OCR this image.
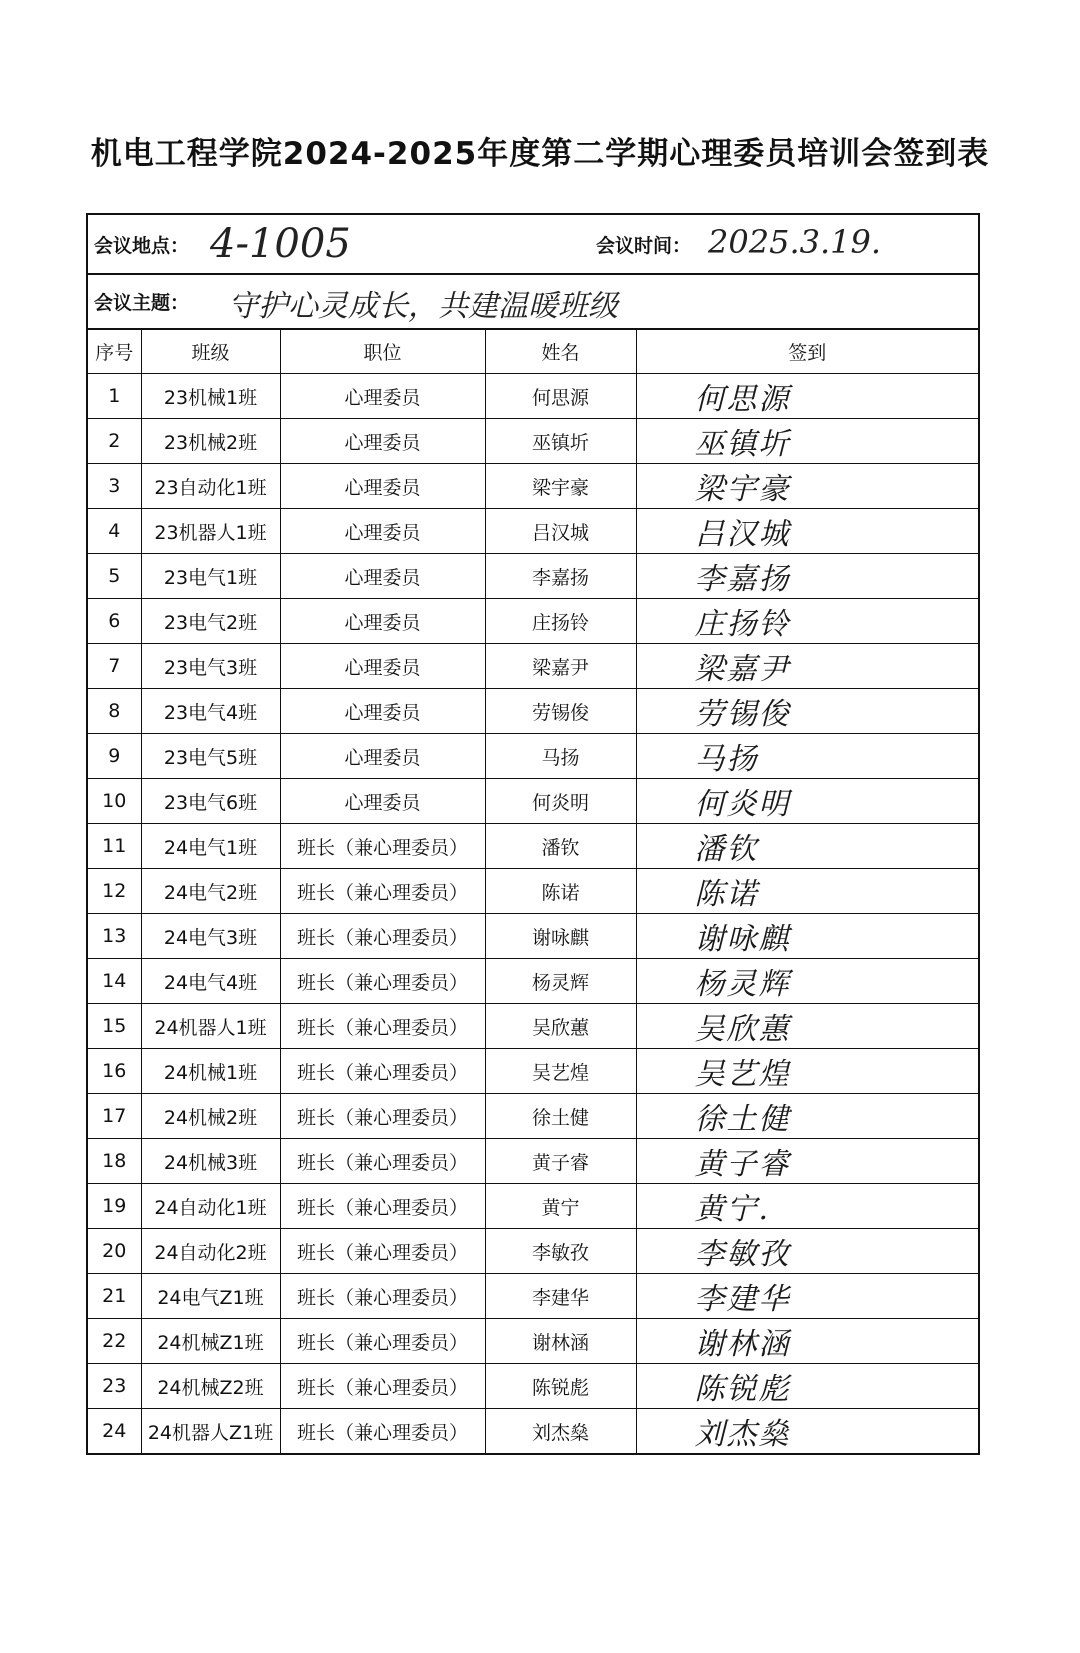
机电工程学院2024-2025年度第二学期心理委员培训会签到表
会议地点： 4-1005	会议时间： 2025.3.19.
会议主题： 守护心灵成长，共建温暖班级
序号	班级	职位	姓名	签到
1	23机械1班	心理委员	何思源	何思源
2	23机械2班	心理委员	巫镇圻	巫镇圻
3	23自动化1班	心理委员	梁宇豪	梁宇豪
4	23机器人1班	心理委员	吕汉城	吕汉城
5	23电气1班	心理委员	李嘉扬	李嘉扬
6	23电气2班	心理委员	庄扬铃	庄扬铃
7	23电气3班	心理委员	梁嘉尹	梁嘉尹
8	23电气4班	心理委员	劳锡俊	劳锡俊
9	23电气5班	心理委员	马扬	马扬
10	23电气6班	心理委员	何炎明	何炎明
11	24电气1班	班长（兼心理委员）	潘钦	潘钦
12	24电气2班	班长（兼心理委员）	陈诺	陈诺
13	24电气3班	班长（兼心理委员）	谢咏麒	谢咏麒
14	24电气4班	班长（兼心理委员）	杨灵辉	杨灵辉
15	24机器人1班	班长（兼心理委员）	吴欣蕙	吴欣蕙
16	24机械1班	班长（兼心理委员）	吴艺煌	吴艺煌
17	24机械2班	班长（兼心理委员）	徐土健	徐土健
18	24机械3班	班长（兼心理委员）	黄子睿	黄子睿
19	24自动化1班	班长（兼心理委员）	黄宁	黄宁.
20	24自动化2班	班长（兼心理委员）	李敏孜	李敏孜
21	24电气Z1班	班长（兼心理委员）	李建华	李建华
22	24机械Z1班	班长（兼心理委员）	谢林涵	谢林涵
23	24机械Z2班	班长（兼心理委员）	陈锐彪	陈锐彪
24	24机器人Z1班	班长（兼心理委员）	刘杰燊	刘杰燊
